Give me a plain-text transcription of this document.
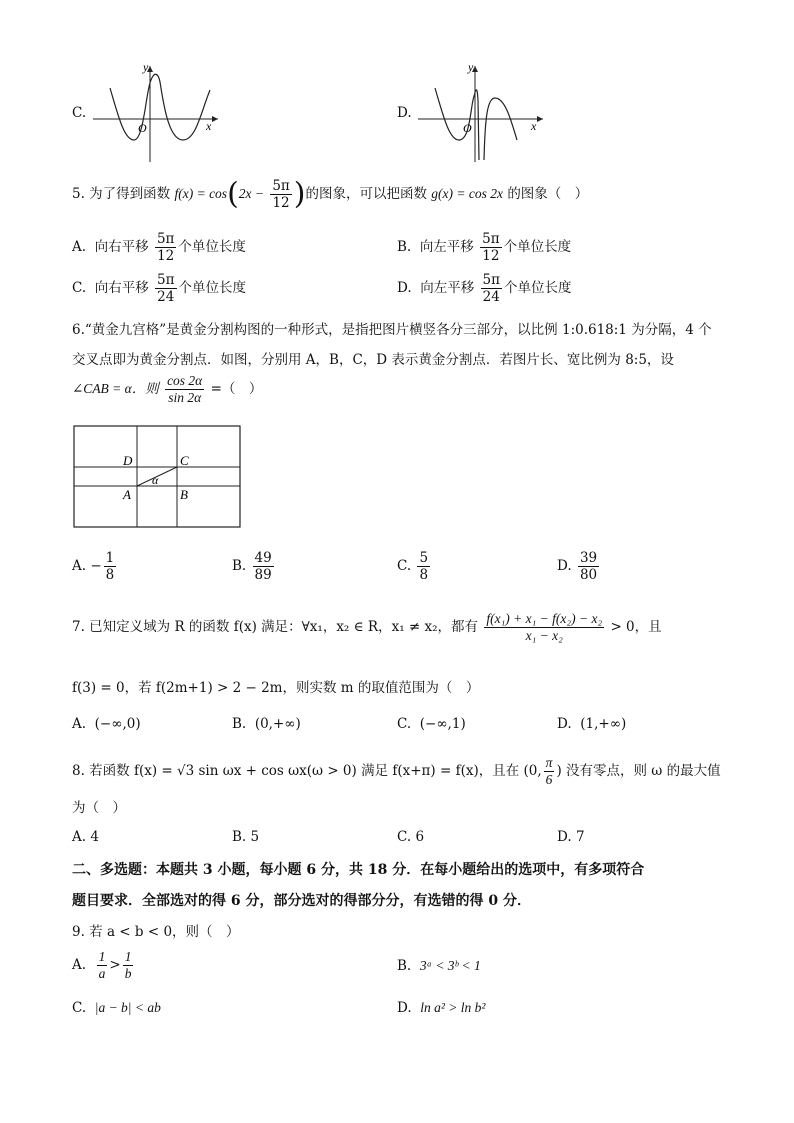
C.
y
x
O
D.
y
x
O
5. 为了得到函数 $f(x) = \cos(2x - \frac{5\pi}{12}$ )的图象，可以把函数 g(x) = cos 2x 的图象（　）
A. 向右平移 $\frac{5\pi}{12}$ 个单位长度	B. 向左平移 $\frac{5\pi}{12}$ 个单位长度
C. 向右平移 $\frac{5\pi}{24}$ 个单位长度	D. 向左平移 $\frac{5\pi}{24}$ 个单位长度
6.“黄金九宫格”是黄金分割构图的一种形式，是指把图片横竖各分三部分，以比例 1:0.618:1 为分隔，4 个
交叉点即为黄金分割点．如图，分别用 A，B，C，D 表示黄金分割点．若图片长、宽比例为 8:5，设
∠CAB = α．则 $\frac{\cos 2\alpha}{\sin 2\alpha}$ =（　）
D	C
A	B
α
A. − $\frac{1}{8}$	B. $\frac{49}{89}$	C. $\frac{5}{8}$	D. $\frac{39}{80}$
7. 已知定义域为 R 的函数 f(x) 满足：∀x₁，x₂ ∈ R，x₁ ≠ x₂，都有 $\frac{\text{f(x₁) + x₁ − f(x₂) − x₂}}{\text{x₁ − x₂}} > 0$，且
f(3) = 0，若 f(2m+1) > 2 − 2m，则实数 m 的取值范围为（　）
A. (−∞,0)	B. (0,+∞)	C. (−∞,1)	D. (1,+∞)
8. 若函数 f(x) = √3 sin ωx + cos ωx(ω > 0) 满足 f(x+π) = f(x)，且在 (0, $\frac{\pi}{6}$ ) 没有零点，则 ω 的最大值
为（　）
A. 4	B. 5	C. 6	D. 7
二、多选题：本题共 3 小题，每小题 6 分，共 18 分．在每小题给出的选项中，有多项符合
题目要求．全部选对的得 6 分，部分选对的得部分分，有选错的得 0 分．
9. 若 a < b < 0，则（　）
A. $\frac{1}{a} > \frac{1}{b}$	B. 3ᵃ < 3ᵇ < 1
C. |a − b| < ab	D. ln a² > ln b²
